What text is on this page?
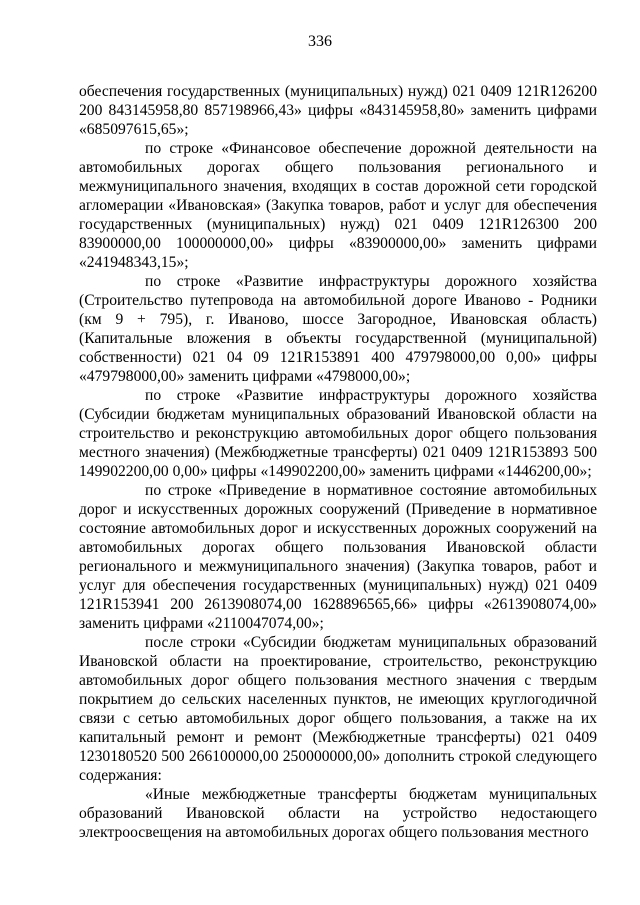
336

обеспечения государственных (муниципальных) нужд) 021 0409 121R126200 200 843145958,80 857198966,43» цифры «843145958,80» заменить цифрами «685097615,65»;

по строке «Финансовое обеспечение дорожной деятельности на автомобильных дорогах общего пользования регионального и межмуниципального значения, входящих в состав дорожной сети городской агломерации «Ивановская» (Закупка товаров, работ и услуг для обеспечения государственных (муниципальных) нужд) 021 0409 121R126300 200 83900000,00 100000000,00» цифры «83900000,00» заменить цифрами «241948343,15»;

по строке «Развитие инфраструктуры дорожного хозяйства (Строительство путепровода на автомобильной дороге Иваново - Родники (км 9 + 795), г. Иваново, шоссе Загородное, Ивановская область) (Капитальные вложения в объекты государственной (муниципальной) собственности) 021 04 09 121R153891 400 479798000,00 0,00» цифры «479798000,00» заменить цифрами «4798000,00»;

по строке «Развитие инфраструктуры дорожного хозяйства (Субсидии бюджетам муниципальных образований Ивановской области на строительство и реконструкцию автомобильных дорог общего пользования местного значения) (Межбюджетные трансферты) 021 0409 121R153893 500 149902200,00 0,00» цифры «149902200,00» заменить цифрами «1446200,00»;

по строке «Приведение в нормативное состояние автомобильных дорог и искусственных дорожных сооружений (Приведение в нормативное состояние автомобильных дорог и искусственных дорожных сооружений на автомобильных дорогах общего пользования Ивановской области регионального и межмуниципального значения) (Закупка товаров, работ и услуг для обеспечения государственных (муниципальных) нужд) 021 0409 121R153941 200 2613908074,00 1628896565,66» цифры «2613908074,00» заменить цифрами «2110047074,00»;

после строки «Субсидии бюджетам муниципальных образований Ивановской области на проектирование, строительство, реконструкцию автомобильных дорог общего пользования местного значения с твердым покрытием до сельских населенных пунктов, не имеющих круглогодичной связи с сетью автомобильных дорог общего пользования, а также на их капитальный ремонт и ремонт (Межбюджетные трансферты) 021 0409 1230180520 500 266100000,00 250000000,00» дополнить строкой следующего содержания:

«Иные межбюджетные трансферты бюджетам муниципальных образований Ивановской области на устройство недостающего электроосвещения на автомобильных дорогах общего пользования местного
